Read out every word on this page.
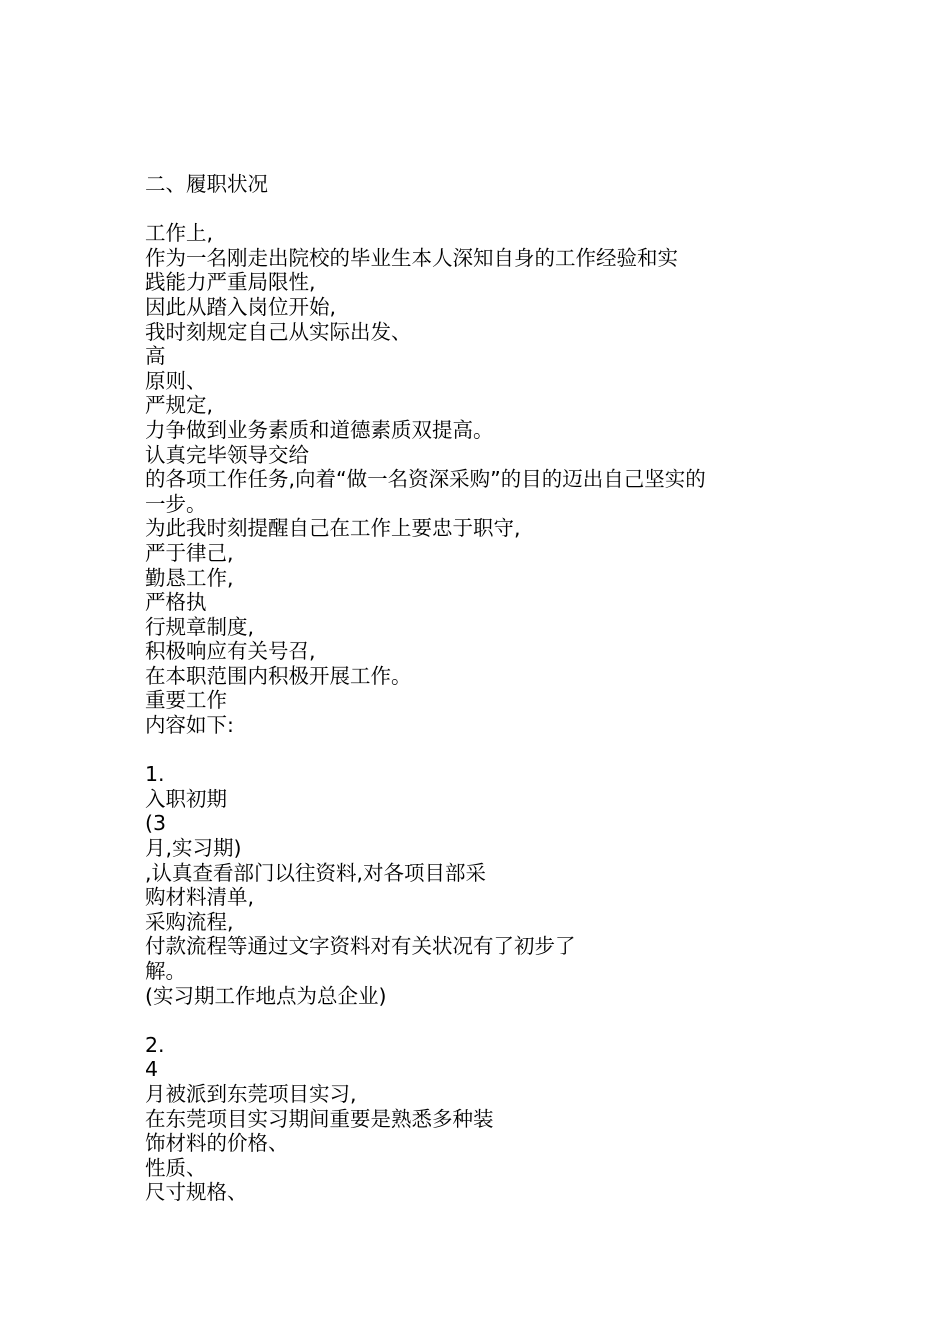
二、履职状况
工作上,
作为一名刚走出院校的毕业生本人深知自身的工作经验和实
践能力严重局限性,
因此从踏入岗位开始,
我时刻规定自己从实际出发、
高
原则、
严规定,
力争做到业务素质和道德素质双提高。
认真完毕领导交给
的各项工作任务,向着“做一名资深采购”的目的迈出自己坚实的
一步。
为此我时刻提醒自己在工作上要忠于职守,
严于律己,
勤恳工作,
严格执
行规章制度,
积极响应有关号召,
在本职范围内积极开展工作。
重要工作
内容如下:
1.
入职初期
(3
月,实习期)
,认真查看部门以往资料,对各项目部采
购材料清单,
采购流程,
付款流程等通过文字资料对有关状况有了初步了
解。
(实习期工作地点为总企业)
2.
4
月被派到东莞项目实习,
在东莞项目实习期间重要是熟悉多种装
饰材料的价格、
性质、
尺寸规格、
